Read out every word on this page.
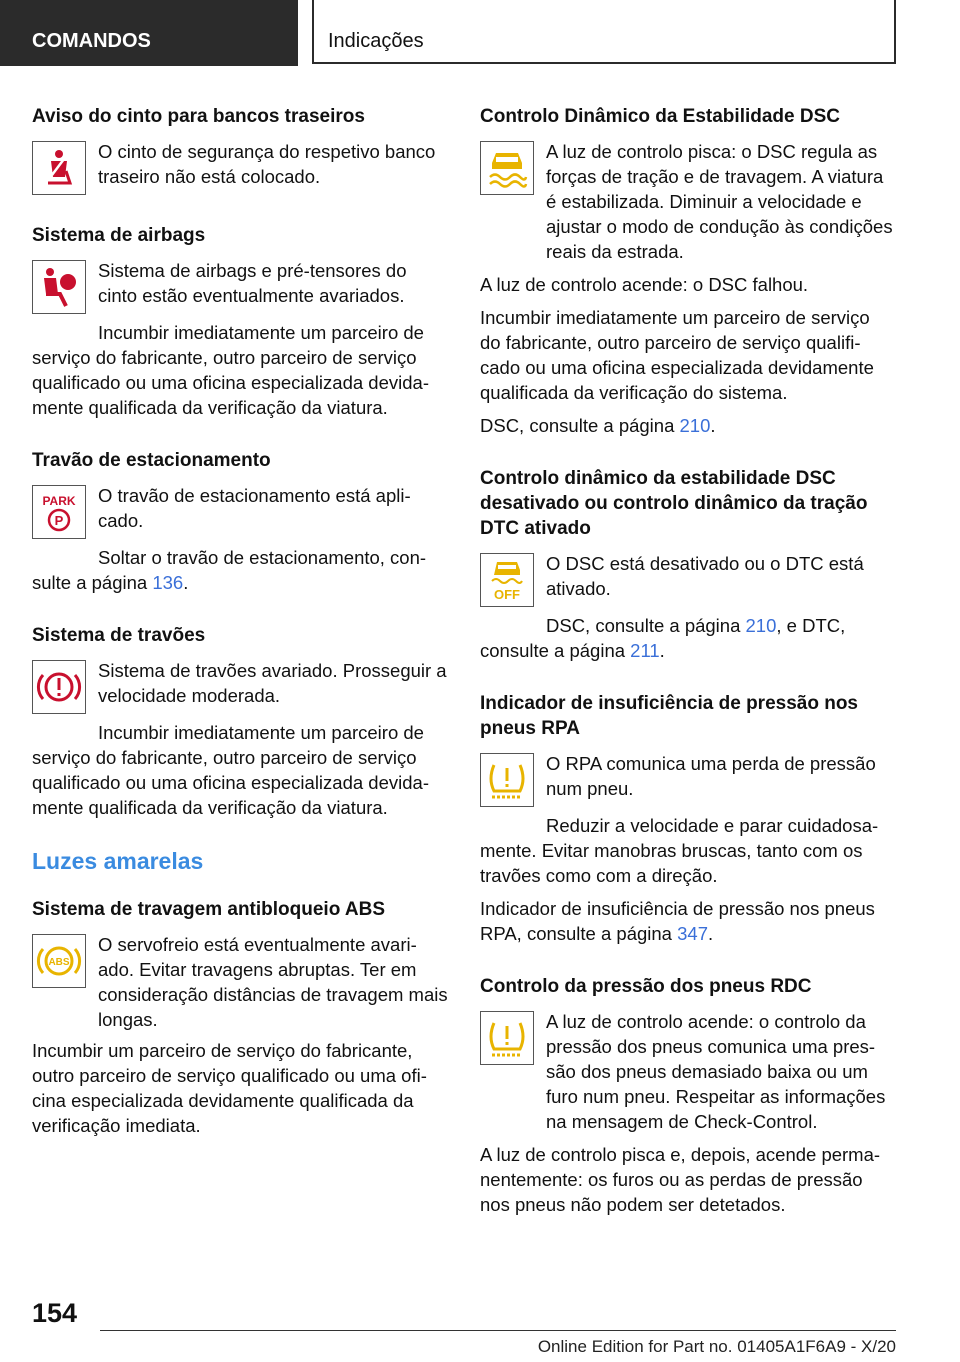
COMANDOS	Indicações
Aviso do cinto para bancos traseiros

O cinto de segurança do respetivo banco traseiro não está colocado.

Sistema de airbags

Sistema de airbags e pré-tensores do cinto estão eventualmente avariados.

Incumbir imediatamente um parceiro de serviço do fabricante, outro parceiro de serviço qualificado ou uma oficina especializada devida-mente qualificada da verificação da viatura.

Travão de estacionamento
PARK
P

O travão de estacionamento está apli-cado.

Soltar o travão de estacionamento, con-sulte a página 136.

Sistema de travões

Sistema de travões avariado. Prosseguir a velocidade moderada.

Incumbir imediatamente um parceiro de serviço do fabricante, outro parceiro de serviço qualificado ou uma oficina especializada devida-mente qualificada da verificação da viatura.

Luzes amarelas
Sistema de travagem antibloqueio ABS
ABS

O servofreio está eventualmente avari-ado. Evitar travagens abruptas. Ter em consideração distâncias de travagem mais longas.

Incumbir um parceiro de serviço do fabricante, outro parceiro de serviço qualificado ou uma ofi-cina especializada devidamente qualificada da verificação imediata.

Controlo Dinâmico da Estabilidade DSC

A luz de controlo pisca: o DSC regula as forças de tração e de travagem. A viatura é estabilizada. Diminuir a velocidade e ajustar o modo de condução às condições reais da estrada.

A luz de controlo acende: o DSC falhou.

Incumbir imediatamente um parceiro de serviço do fabricante, outro parceiro de serviço qualifi-cado ou uma oficina especializada devidamente qualificada da verificação do sistema.

DSC, consulte a página 210.

Controlo dinâmico da estabilidade DSC desativado ou controlo dinâmico da tração DTC ativado
OFF

O DSC está desativado ou o DTC está ativado.

DSC, consulte a página 210, e DTC, consulte a página 211.

Indicador de insuficiência de pressão nos pneus RPA

O RPA comunica uma perda de pressão num pneu.

Reduzir a velocidade e parar cuidadosa-mente. Evitar manobras bruscas, tanto com os travões como com a direção.

Indicador de insuficiência de pressão nos pneus RPA, consulte a página 347.

Controlo da pressão dos pneus RDC

A luz de controlo acende: o controlo da pressão dos pneus comunica uma pres-são dos pneus demasiado baixa ou um furo num pneu. Respeitar as informações na mensagem de Check-Control.

A luz de controlo pisca e, depois, acende perma-nentemente: os furos ou as perdas de pressão nos pneus não podem ser detetados.

154
Online Edition for Part no. 01405A1F6A9 - X/20
